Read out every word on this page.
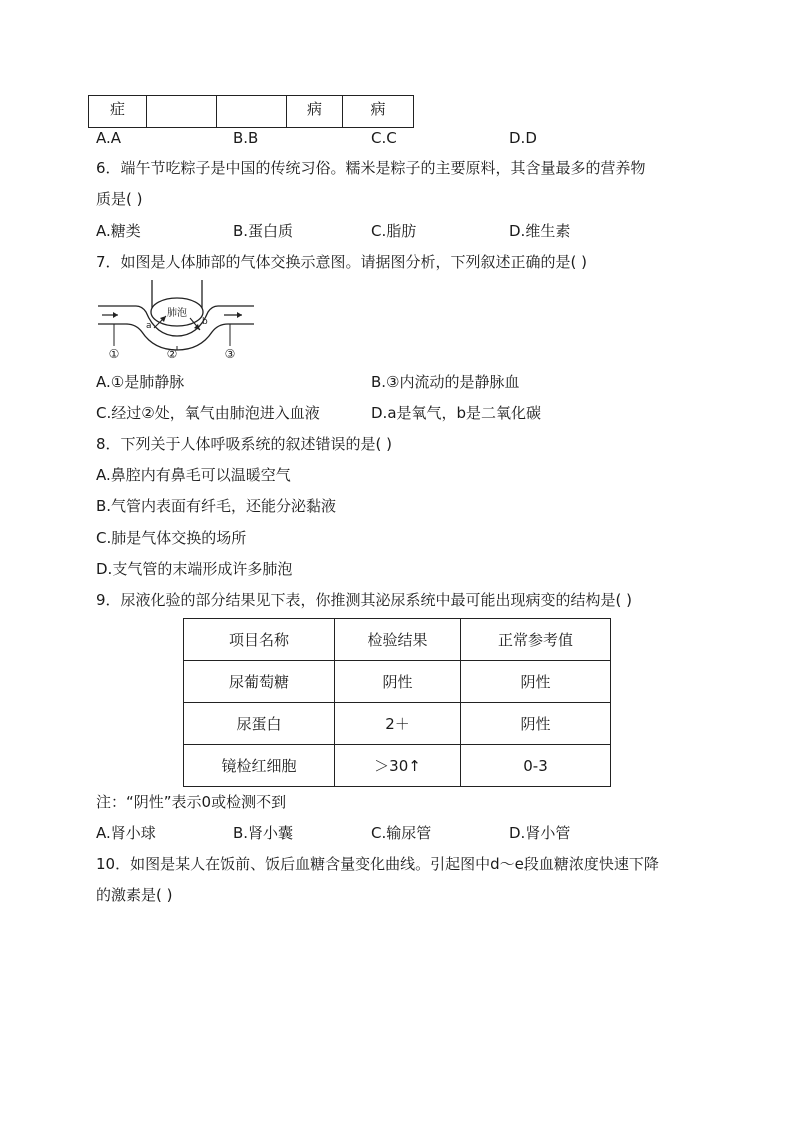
症			病	病
A.A	B.B	C.C	D.D
6．端午节吃粽子是中国的传统习俗。糯米是粽子的主要原料，其含量最多的营养物
质是( )
A.糖类	B.蛋白质	C.脂肪	D.维生素
7．如图是人体肺部的气体交换示意图。请据图分析，下列叙述正确的是( )
肺泡
a	b
①	②	③
A.①是肺静脉	B.③内流动的是静脉血
C.经过②处，氧气由肺泡进入血液	D.a是氧气，b是二氧化碳
8．下列关于人体呼吸系统的叙述错误的是( )
A.鼻腔内有鼻毛可以温暖空气
B.气管内表面有纤毛，还能分泌黏液
C.肺是气体交换的场所
D.支气管的末端形成许多肺泡
9．尿液化验的部分结果见下表，你推测其泌尿系统中最可能出现病变的结构是( )
项目名称	检验结果	正常参考值
尿葡萄糖	阴性	阴性
尿蛋白	2＋	阴性
镜检红细胞	＞30↑	0-3
注：“阴性”表示0或检测不到
A.肾小球	B.肾小囊	C.输尿管	D.肾小管
10．如图是某人在饭前、饭后血糖含量变化曲线。引起图中d～e段血糖浓度快速下降
的激素是( )
